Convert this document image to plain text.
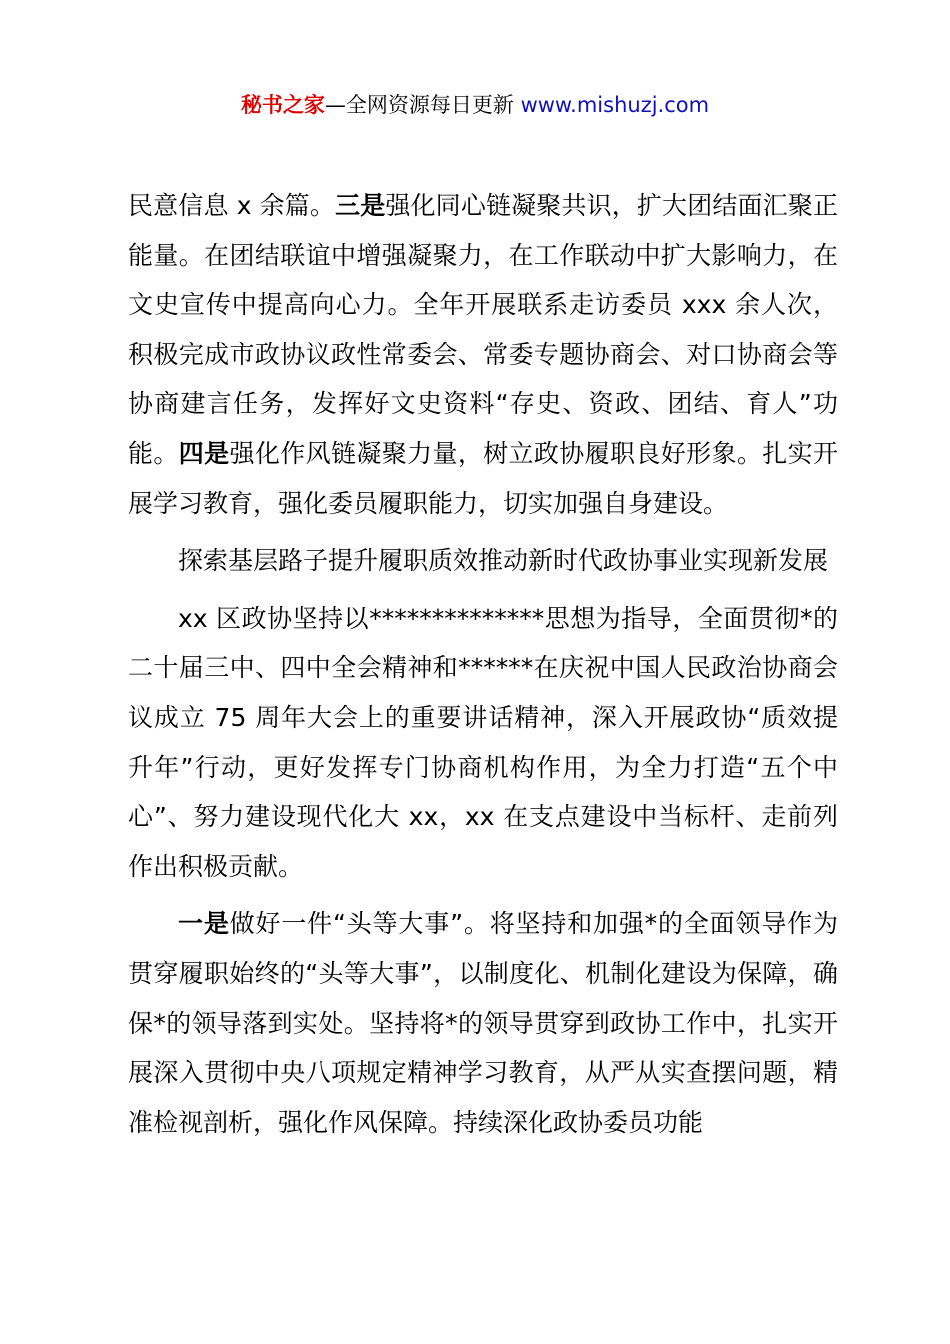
秘书之家—全网资源每日更新 www.mishuzj.com

民意信息 x 余篇。三是强化同心链凝聚共识，扩大团结面汇聚正能量。在团结联谊中增强凝聚力，在工作联动中扩大影响力，在文史宣传中提高向心力。全年开展联系走访委员 xxx 余人次，积极完成市政协议政性常委会、常委专题协商会、对口协商会等协商建言任务，发挥好文史资料“存史、资政、团结、育人”功能。四是强化作风链凝聚力量，树立政协履职良好形象。扎实开展学习教育，强化委员履职能力，切实加强自身建设。

探索基层路子提升履职质效推动新时代政协事业实现新发展

xx 区政协坚持以**************思想为指导，全面贯彻*的二十届三中、四中全会精神和******在庆祝中国人民政治协商会议成立 75 周年大会上的重要讲话精神，深入开展政协“质效提升年”行动，更好发挥专门协商机构作用，为全力打造“五个中心”、努力建设现代化大 xx，xx 在支点建设中当标杆、走前列作出积极贡献。

一是做好一件“头等大事”。将坚持和加强*的全面领导作为贯穿履职始终的“头等大事”，以制度化、机制化建设为保障，确保*的领导落到实处。坚持将*的领导贯穿到政协工作中，扎实开展深入贯彻中央八项规定精神学习教育，从严从实查摆问题，精准检视剖析，强化作风保障。持续深化政协委员功能
